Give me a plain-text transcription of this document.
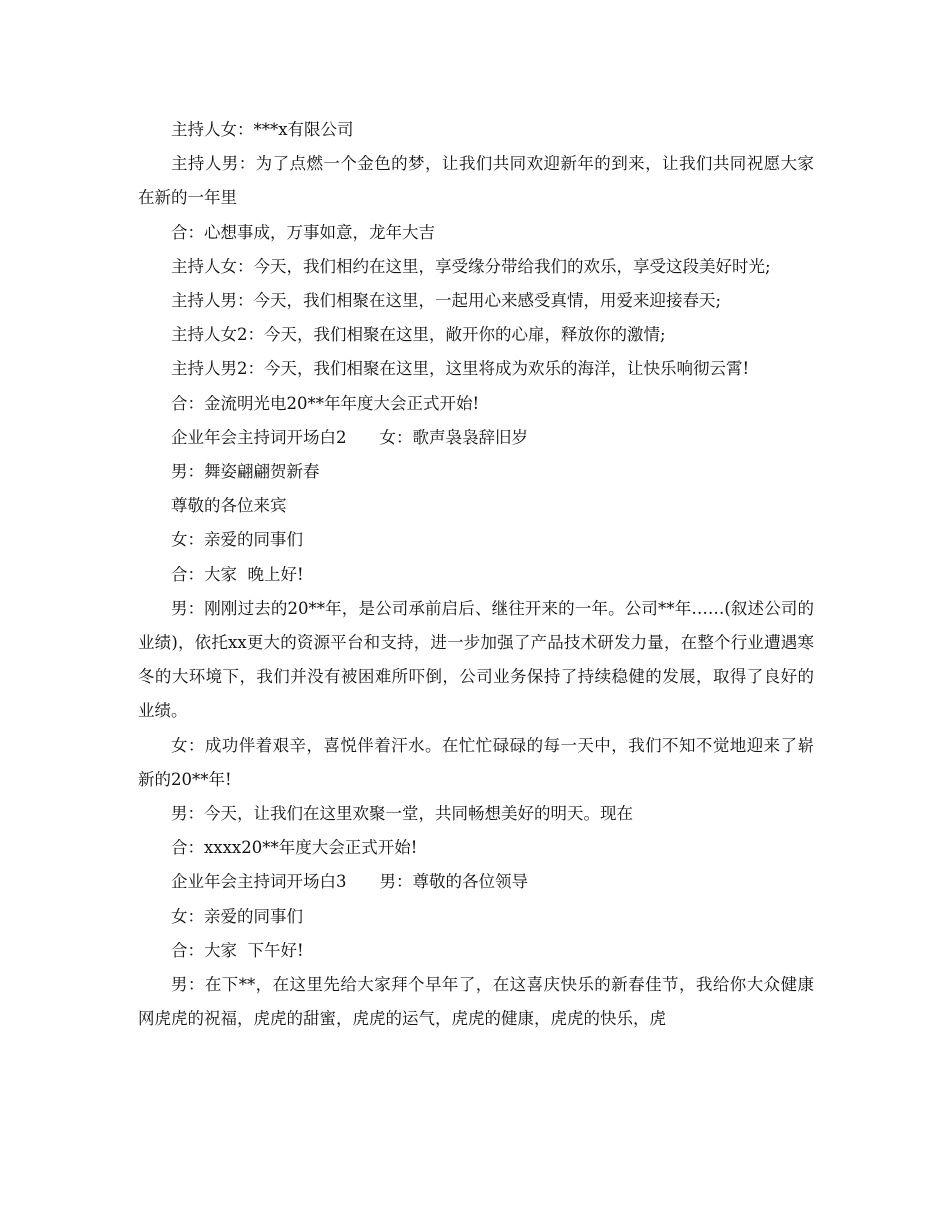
主持人女：***x有限公司

主持人男：为了点燃一个金色的梦，让我们共同欢迎新年的到来，让我们共同祝愿大家在新的一年里

合：心想事成，万事如意，龙年大吉

主持人女：今天，我们相约在这里，享受缘分带给我们的欢乐，享受这段美好时光;

主持人男：今天，我们相聚在这里，一起用心来感受真情，用爱来迎接春天;

主持人女2：今天，我们相聚在这里，敞开你的心扉，释放你的激情;

主持人男2：今天，我们相聚在这里，这里将成为欢乐的海洋，让快乐响彻云霄!

合：金流明光电20**年年度大会正式开始!

企业年会主持词开场白2　　女：歌声袅袅辞旧岁

男：舞姿翩翩贺新春

尊敬的各位来宾

女：亲爱的同事们

合：大家  晚上好!

男：刚刚过去的20**年，是公司承前启后、继往开来的一年。公司**年……(叙述公司的业绩)，依托xx更大的资源平台和支持，进一步加强了产品技术研发力量，在整个行业遭遇寒冬的大环境下，我们并没有被困难所吓倒，公司业务保持了持续稳健的发展，取得了良好的业绩。

女：成功伴着艰辛，喜悦伴着汗水。在忙忙碌碌的每一天中，我们不知不觉地迎来了崭新的20**年!

男：今天，让我们在这里欢聚一堂，共同畅想美好的明天。现在

合：xxxx20**年度大会正式开始!

企业年会主持词开场白3　　男：尊敬的各位领导

女：亲爱的同事们

合：大家  下午好!

男：在下**，在这里先给大家拜个早年了，在这喜庆快乐的新春佳节，我给你大众健康网虎虎的祝福，虎虎的甜蜜，虎虎的运气，虎虎的健康，虎虎的快乐，虎
